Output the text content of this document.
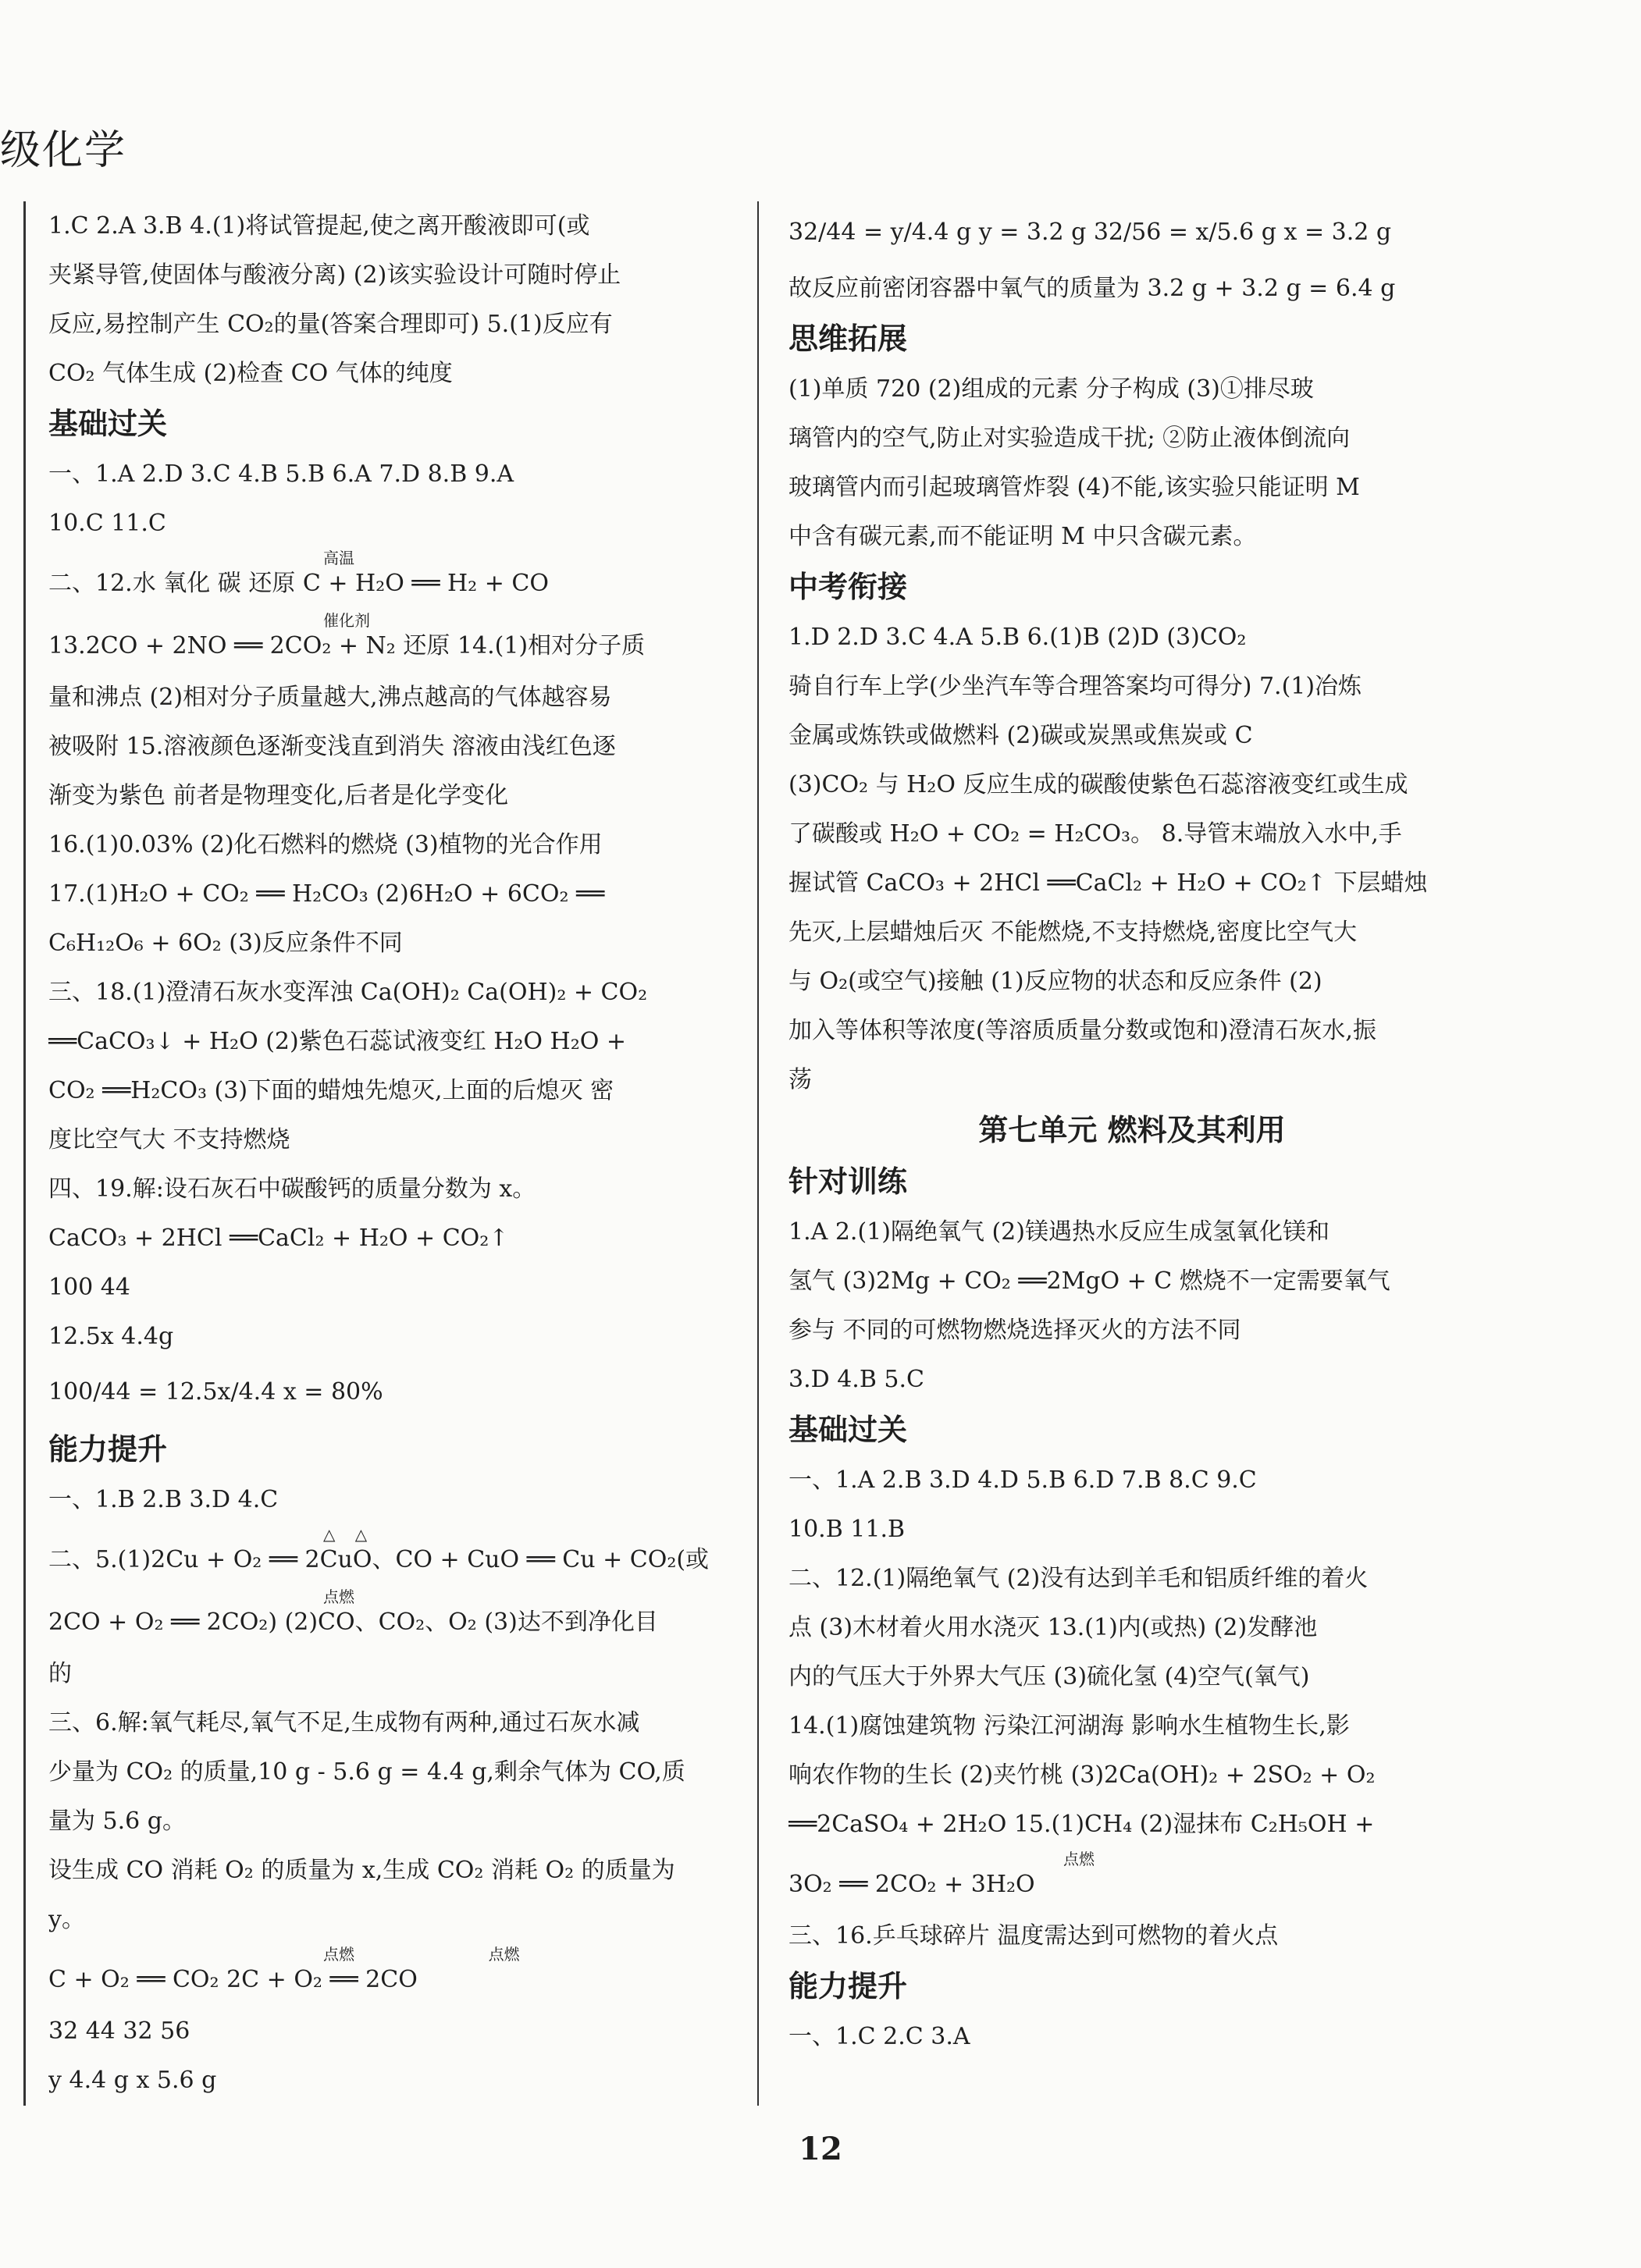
级化学
1.C 2.A 3.B 4.(1)将试管提起,使之离开酸液即可(或
夹紧导管,使固体与酸液分离) (2)该实验设计可随时停止
反应,易控制产生 CO₂的量(答案合理即可) 5.(1)反应有
CO₂ 气体生成 (2)检查 CO 气体的纯度
基础过关
一、1.A 2.D 3.C 4.B 5.B 6.A 7.D 8.B 9.A
10.C 11.C
二、12.水 氧化 碳 还原 C + H₂O ══ H₂ + CO
高温
13.2CO + 2NO ══ 2CO₂ + N₂ 还原 14.(1)相对分子质
催化剂
量和沸点 (2)相对分子质量越大,沸点越高的气体越容易
被吸附 15.溶液颜色逐渐变浅直到消失 溶液由浅红色逐
渐变为紫色 前者是物理变化,后者是化学变化
16.(1)0.03% (2)化石燃料的燃烧 (3)植物的光合作用
17.(1)H₂O + CO₂ ══ H₂CO₃ (2)6H₂O + 6CO₂ ══
C₆H₁₂O₆ + 6O₂ (3)反应条件不同
三、18.(1)澄清石灰水变浑浊 Ca(OH)₂ Ca(OH)₂ + CO₂
══CaCO₃↓ + H₂O (2)紫色石蕊试液变红 H₂O H₂O +
CO₂ ══H₂CO₃ (3)下面的蜡烛先熄灭,上面的后熄灭 密
度比空气大 不支持燃烧
四、19.解:设石灰石中碳酸钙的质量分数为 x。
CaCO₃ + 2HCl ══CaCl₂ + H₂O + CO₂↑
100 44
12.5x 4.4g
100/44 = 12.5x/4.4 x = 80%
能力提升
一、1.B 2.B 3.D 4.C
二、5.(1)2Cu + O₂ ══ 2CuO、CO + CuO ══ Cu + CO₂(或
△    △
2CO + O₂ ══ 2CO₂) (2)CO、CO₂、O₂ (3)达不到净化目
点燃
的
三、6.解:氧气耗尽,氧气不足,生成物有两种,通过石灰水减
少量为 CO₂ 的质量,10 g - 5.6 g = 4.4 g,剩余气体为 CO,质
量为 5.6 g。
设生成 CO 消耗 O₂ 的质量为 x,生成 CO₂ 消耗 O₂ 的质量为
y。
C + O₂ ══ CO₂ 2C + O₂ ══ 2CO
点燃                           点燃
32 44 32 56
y 4.4 g x 5.6 g
32/44 = y/4.4 g y = 3.2 g 32/56 = x/5.6 g x = 3.2 g
故反应前密闭容器中氧气的质量为 3.2 g + 3.2 g = 6.4 g
思维拓展
(1)单质 720 (2)组成的元素 分子构成 (3)①排尽玻
璃管内的空气,防止对实验造成干扰; ②防止液体倒流向
玻璃管内而引起玻璃管炸裂 (4)不能,该实验只能证明 M
中含有碳元素,而不能证明 M 中只含碳元素。
中考衔接
1.D 2.D 3.C 4.A 5.B 6.(1)B (2)D (3)CO₂
骑自行车上学(少坐汽车等合理答案均可得分) 7.(1)冶炼
金属或炼铁或做燃料 (2)碳或炭黑或焦炭或 C
(3)CO₂ 与 H₂O 反应生成的碳酸使紫色石蕊溶液变红或生成
了碳酸或 H₂O + CO₂ = H₂CO₃。 8.导管末端放入水中,手
握试管 CaCO₃ + 2HCl ══CaCl₂ + H₂O + CO₂↑ 下层蜡烛
先灭,上层蜡烛后灭 不能燃烧,不支持燃烧,密度比空气大
与 O₂(或空气)接触 (1)反应物的状态和反应条件 (2)
加入等体积等浓度(等溶质质量分数或饱和)澄清石灰水,振
荡
第七单元 燃料及其利用
针对训练
1.A 2.(1)隔绝氧气 (2)镁遇热水反应生成氢氧化镁和
氢气 (3)2Mg + CO₂ ══2MgO + C 燃烧不一定需要氧气
参与 不同的可燃物燃烧选择灭火的方法不同
3.D 4.B 5.C
基础过关
一、1.A 2.B 3.D 4.D 5.B 6.D 7.B 8.C 9.C
10.B 11.B
二、12.(1)隔绝氧气 (2)没有达到羊毛和铝质纤维的着火
点 (3)木材着火用水浇灭 13.(1)内(或热) (2)发酵池
内的气压大于外界大气压 (3)硫化氢 (4)空气(氧气)
14.(1)腐蚀建筑物 污染江河湖海 影响水生植物生长,影
响农作物的生长 (2)夹竹桃 (3)2Ca(OH)₂ + 2SO₂ + O₂
══2CaSO₄ + 2H₂O 15.(1)CH₄ (2)湿抹布 C₂H₅OH +
3O₂ ══ 2CO₂ + 3H₂O
点燃
三、16.乒乓球碎片 温度需达到可燃物的着火点
能力提升
一、1.C 2.C 3.A
12
